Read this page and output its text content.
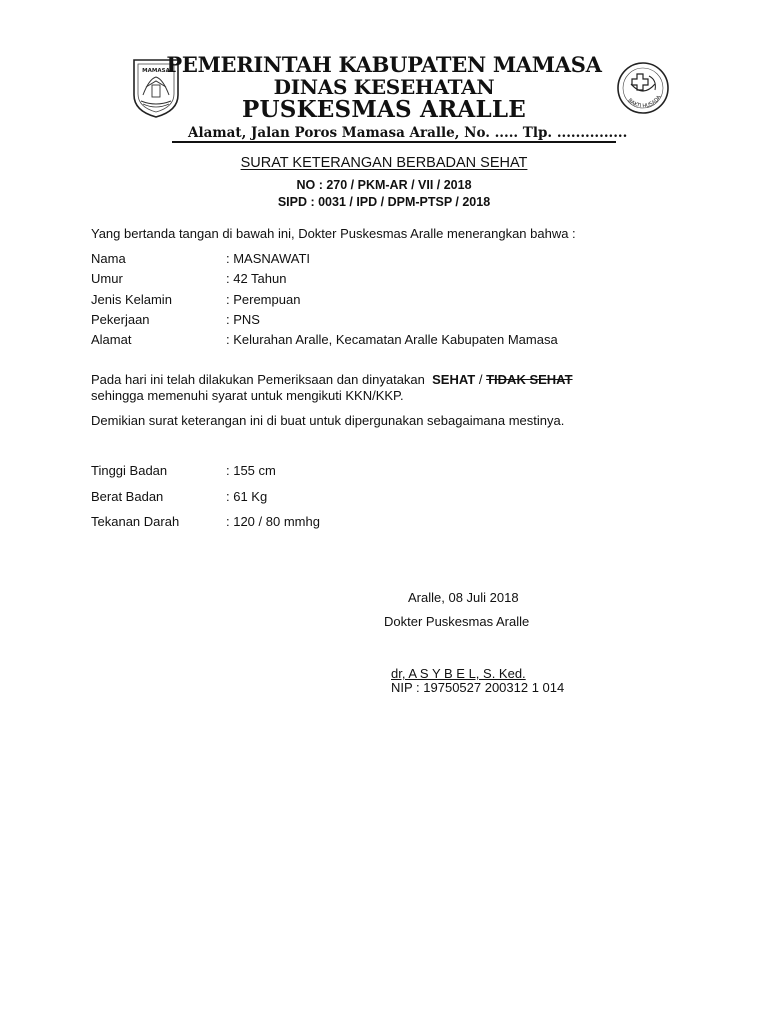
MAMASA
BAKTI HUSADA
PEMERINTAH KABUPATEN MAMASA
DINAS KESEHATAN
PUSKESMAS ARALLE
Alamat, Jalan Poros Mamasa Aralle, No. ..... Tlp. ...............
SURAT KETERANGAN BERBADAN SEHAT
NO : 270 / PKM-AR / VII / 2018
SIPD : 0031 / IPD / DPM-PTSP / 2018
Yang bertanda tangan di bawah ini, Dokter Puskesmas Aralle menerangkan bahwa :
Nama	: MASNAWATI
Umur	: 42 Tahun
Jenis Kelamin	: Perempuan
Pekerjaan	: PNS
Alamat	: Kelurahan Aralle, Kecamatan Aralle Kabupaten Mamasa
Pada hari ini telah dilakukan Pemeriksaan dan dinyatakan SEHAT / TIDAK SEHAT
sehingga memenuhi syarat untuk mengikuti KKN/KKP.
Demikian surat keterangan ini di buat untuk dipergunakan sebagaimana mestinya.
Tinggi Badan	: 155 cm
Berat Badan	: 61 Kg
Tekanan Darah	: 120 / 80 mmhg
Aralle, 08 Juli 2018
Dokter Puskesmas Aralle
dr, A S Y B E L, S. Ked.
NIP : 19750527 200312 1 014
